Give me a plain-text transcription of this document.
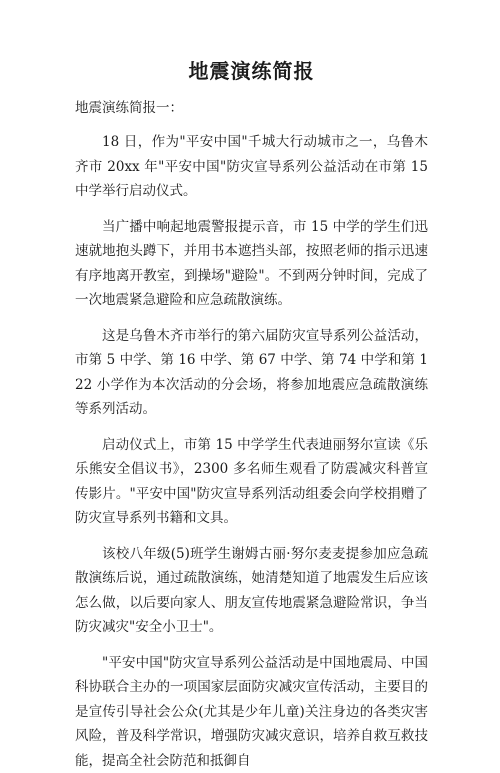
地震演练简报

地震演练简报一：

18 日，作为"平安中国"千城大行动城市之一，乌鲁木齐市 20xx 年"平安中国"防灾宣导系列公益活动在市第 15 中学举行启动仪式。

当广播中响起地震警报提示音，市 15 中学的学生们迅速就地抱头蹲下，并用书本遮挡头部，按照老师的指示迅速有序地离开教室，到操场"避险"。不到两分钟时间，完成了一次地震紧急避险和应急疏散演练。

这是乌鲁木齐市举行的第六届防灾宣导系列公益活动，市第 5 中学、第 16 中学、第 67 中学、第 74 中学和第 122 小学作为本次活动的分会场，将参加地震应急疏散演练等系列活动。

启动仪式上，市第 15 中学学生代表迪丽努尔宣读《乐乐熊安全倡议书》，2300 多名师生观看了防震减灾科普宣传影片。"平安中国"防灾宣导系列活动组委会向学校捐赠了防灾宣导系列书籍和文具。

该校八年级(5)班学生谢姆古丽·努尔麦麦提参加应急疏散演练后说，通过疏散演练，她清楚知道了地震发生后应该怎么做，以后要向家人、朋友宣传地震紧急避险常识，争当防灾减灾"安全小卫士"。

"平安中国"防灾宣导系列公益活动是中国地震局、中国科协联合主办的一项国家层面防灾减灾宣传活动，主要目的是宣传引导社会公众(尤其是少年儿童)关注身边的各类灾害风险，普及科学常识，增强防灾减灾意识，培养自救互救技能，提高全社会防范和抵御自
